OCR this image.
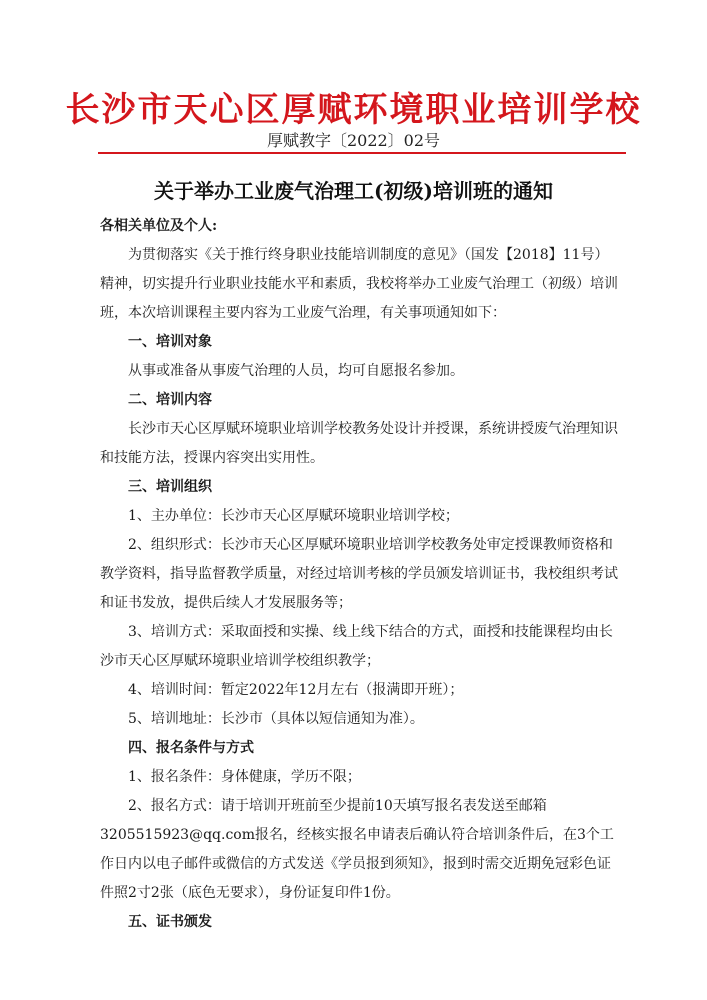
长沙市天心区厚赋环境职业培训学校
厚赋教字〔2022〕02号
关于举办工业废气治理工(初级)培训班的通知
各相关单位及个人:

为贯彻落实《关于推行终身职业技能培训制度的意见》（国发【2018】11号）精神，切实提升行业职业技能水平和素质，我校将举办工业废气治理工（初级）培训班，本次培训课程主要内容为工业废气治理，有关事项通知如下：

一、培训对象

从事或准备从事废气治理的人员，均可自愿报名参加。

二、培训内容

长沙市天心区厚赋环境职业培训学校教务处设计并授课，系统讲授废气治理知识和技能方法，授课内容突出实用性。

三、培训组织

1、主办单位：长沙市天心区厚赋环境职业培训学校；

2、组织形式：长沙市天心区厚赋环境职业培训学校教务处审定授课教师资格和教学资料，指导监督教学质量，对经过培训考核的学员颁发培训证书，我校组织考试和证书发放，提供后续人才发展服务等；

3、培训方式：采取面授和实操、线上线下结合的方式，面授和技能课程均由长沙市天心区厚赋环境职业培训学校组织教学；

4、培训时间：暂定2022年12月左右（报满即开班）；

5、培训地址：长沙市（具体以短信通知为准）。

四、报名条件与方式

1、报名条件：身体健康，学历不限；

2、报名方式：请于培训开班前至少提前10天填写报名表发送至邮箱3205515923@qq.com报名，经核实报名申请表后确认符合培训条件后，在3个工作日内以电子邮件或微信的方式发送《学员报到须知》，报到时需交近期免冠彩色证件照2寸2张（底色无要求），身份证复印件1份。

五、证书颁发
